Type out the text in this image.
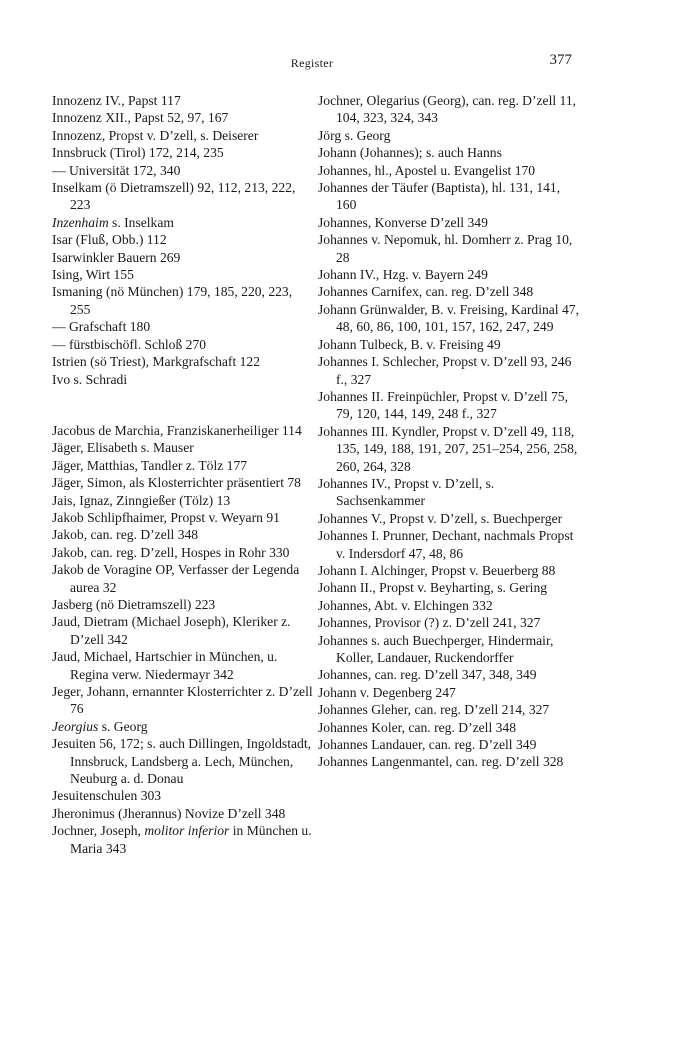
Register	377
Innozenz IV., Papst 117
Innozenz XII., Papst 52, 97, 167
Innozenz, Propst v. D’zell, s. Deiserer
Innsbruck (Tirol) 172, 214, 235
— Universität 172, 340
Inselkam (ö Dietramszell) 92, 112, 213, 222, 223
Inzenhaim s. Inselkam
Isar (Fluß, Obb.) 112
Isarwinkler Bauern 269
Ising, Wirt 155
Ismaning (nö München) 179, 185, 220, 223, 255
— Grafschaft 180
— fürstbischöfl. Schloß 270
Istrien (sö Triest), Markgrafschaft 122
Ivo s. Schradi
Jacobus de Marchia, Franziskanerheiliger 114
Jäger, Elisabeth s. Mauser
Jäger, Matthias, Tandler z. Tölz 177
Jäger, Simon, als Klosterrichter präsentiert 78
Jais, Ignaz, Zinngießer (Tölz) 13
Jakob Schlipfhaimer, Propst v. Weyarn 91
Jakob, can. reg. D’zell 348
Jakob, can. reg. D’zell, Hospes in Rohr 330
Jakob de Voragine OP, Verfasser der Legenda aurea 32
Jasberg (nö Dietramszell) 223
Jaud, Dietram (Michael Joseph), Kleriker z. D’zell 342
Jaud, Michael, Hartschier in München, u. Regina verw. Niedermayr 342
Jeger, Johann, ernannter Klosterrichter z. D’zell 76
Jeorgius s. Georg
Jesuiten 56, 172; s. auch Dillingen, Ingoldstadt, Innsbruck, Landsberg a. Lech, München, Neuburg a. d. Donau
Jesuitenschulen 303
Jheronimus (Jherannus) Novize D’zell 348
Jochner, Joseph, molitor inferior in München u. Maria 343
Jochner, Olegarius (Georg), can. reg. D’zell 11, 104, 323, 324, 343
Jörg s. Georg
Johann (Johannes); s. auch Hanns
Johannes, hl., Apostel u. Evangelist 170
Johannes der Täufer (Baptista), hl. 131, 141, 160
Johannes, Konverse D’zell 349
Johannes v. Nepomuk, hl. Domherr z. Prag 10, 28
Johann IV., Hzg. v. Bayern 249
Johannes Carnifex, can. reg. D’zell 348
Johann Grünwalder, B. v. Freising, Kardinal 47, 48, 60, 86, 100, 101, 157, 162, 247, 249
Johann Tulbeck, B. v. Freising 49
Johannes I. Schlecher, Propst v. D’zell 93, 246 f., 327
Johannes II. Freinpüchler, Propst v. D’zell 75, 79, 120, 144, 149, 248 f., 327
Johannes III. Kyndler, Propst v. D’zell 49, 118, 135, 149, 188, 191, 207, 251–254, 256, 258, 260, 264, 328
Johannes IV., Propst v. D’zell, s. Sachsenkammer
Johannes V., Propst v. D’zell, s. Buechperger
Johannes I. Prunner, Dechant, nachmals Propst v. Indersdorf 47, 48, 86
Johann I. Alchinger, Propst v. Beuerberg 88
Johann II., Propst v. Beyharting, s. Gering
Johannes, Abt. v. Elchingen 332
Johannes, Provisor (?) z. D’zell 241, 327
Johannes s. auch Buechperger, Hindermair, Koller, Landauer, Ruckendorffer
Johannes, can. reg. D’zell 347, 348, 349
Johann v. Degenberg 247
Johannes Gleher, can. reg. D’zell 214, 327
Johannes Koler, can. reg. D’zell 348
Johannes Landauer, can. reg. D’zell 349
Johannes Langenmantel, can. reg. D’zell 328
